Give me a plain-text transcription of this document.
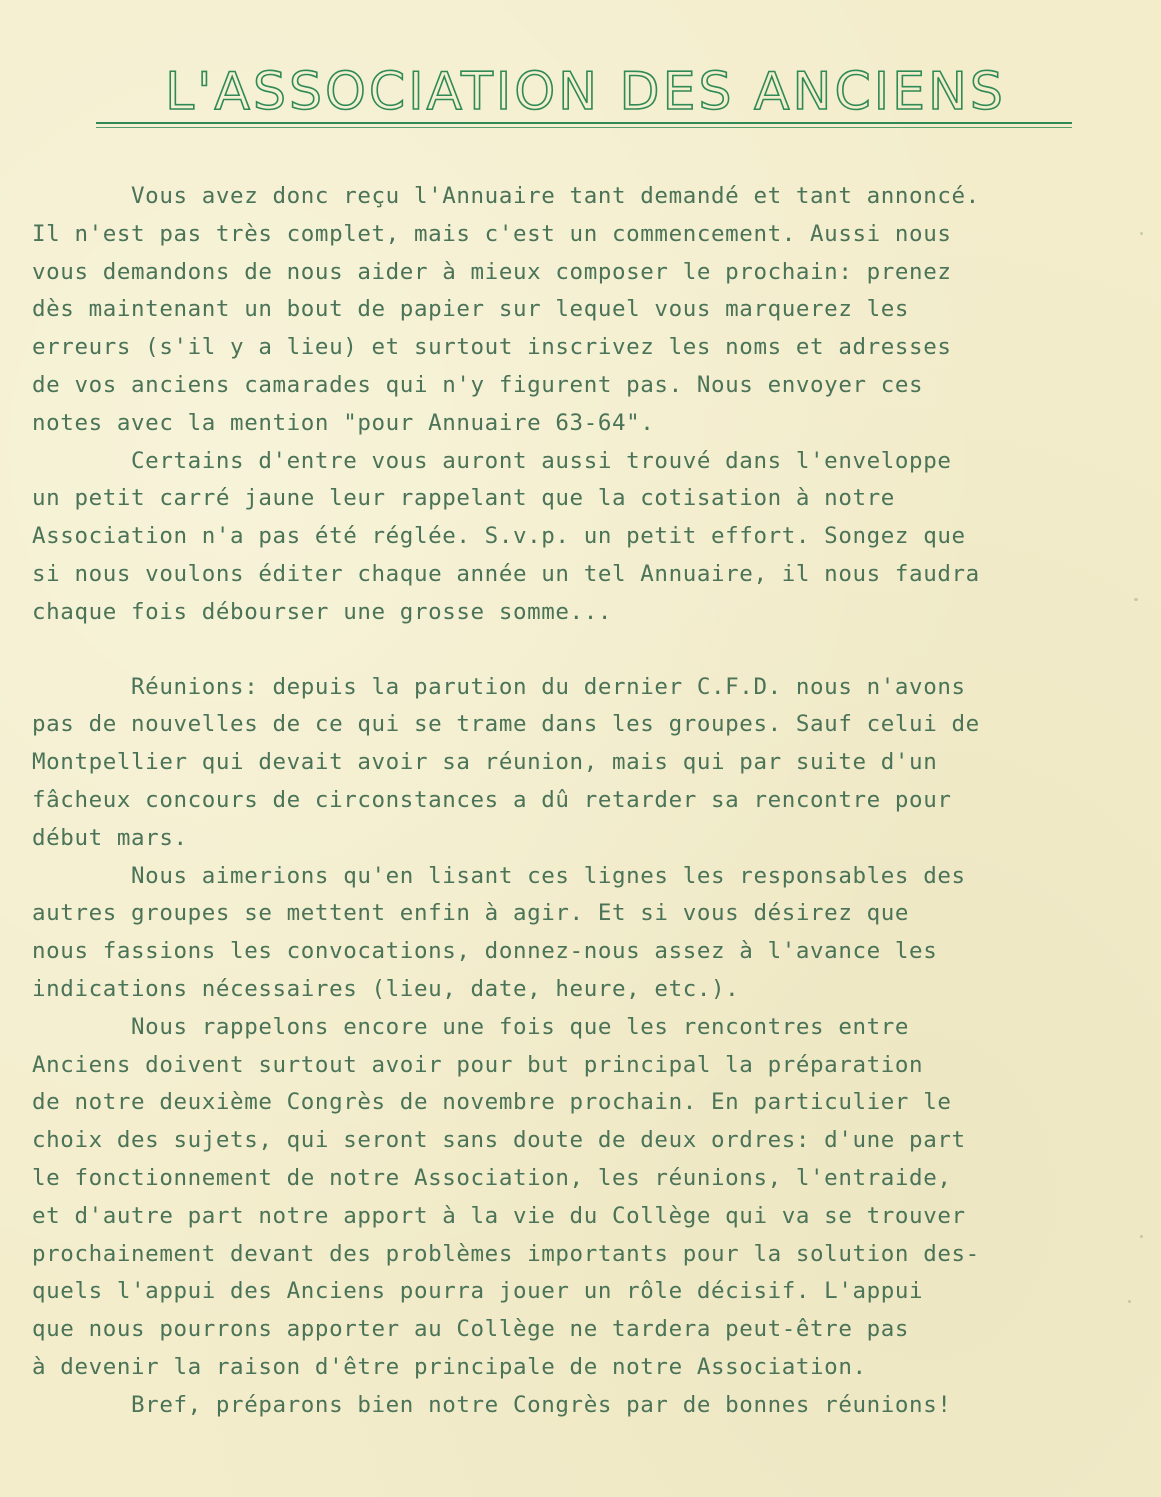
L'ASSOCIATION DES ANCIENS
Vous avez donc reçu l'Annuaire tant demandé et tant annoncé.
Il n'est pas très complet, mais c'est un commencement. Aussi nous
vous demandons de nous aider à mieux composer le prochain: prenez
dès maintenant un bout de papier sur lequel vous marquerez les
erreurs (s'il y a lieu) et surtout inscrivez les noms et adresses
de vos anciens camarades qui n'y figurent pas. Nous envoyer ces
notes avec la mention "pour Annuaire 63-64".
Certains d'entre vous auront aussi trouvé dans l'enveloppe
un petit carré jaune leur rappelant que la cotisation à notre
Association n'a pas été réglée. S.v.p. un petit effort. Songez que
si nous voulons éditer chaque année un tel Annuaire, il nous faudra
chaque fois débourser une grosse somme...
Réunions: depuis la parution du dernier C.F.D. nous n'avons
pas de nouvelles de ce qui se trame dans les groupes. Sauf celui de
Montpellier qui devait avoir sa réunion, mais qui par suite d'un
fâcheux concours de circonstances a dû retarder sa rencontre pour
début mars.
Nous aimerions qu'en lisant ces lignes les responsables des
autres groupes se mettent enfin à agir. Et si vous désirez que
nous fassions les convocations, donnez-nous assez à l'avance les
indications nécessaires (lieu, date, heure, etc.).
Nous rappelons encore une fois que les rencontres entre
Anciens doivent surtout avoir pour but principal la préparation
de notre deuxième Congrès de novembre prochain. En particulier le
choix des sujets, qui seront sans doute de deux ordres: d'une part
le fonctionnement de notre Association, les réunions, l'entraide,
et d'autre part notre apport à la vie du Collège qui va se trouver
prochainement devant des problèmes importants pour la solution des-
quels l'appui des Anciens pourra jouer un rôle décisif. L'appui
que nous pourrons apporter au Collège ne tardera peut-être pas
à devenir la raison d'être principale de notre Association.
Bref, préparons bien notre Congrès par de bonnes réunions!
